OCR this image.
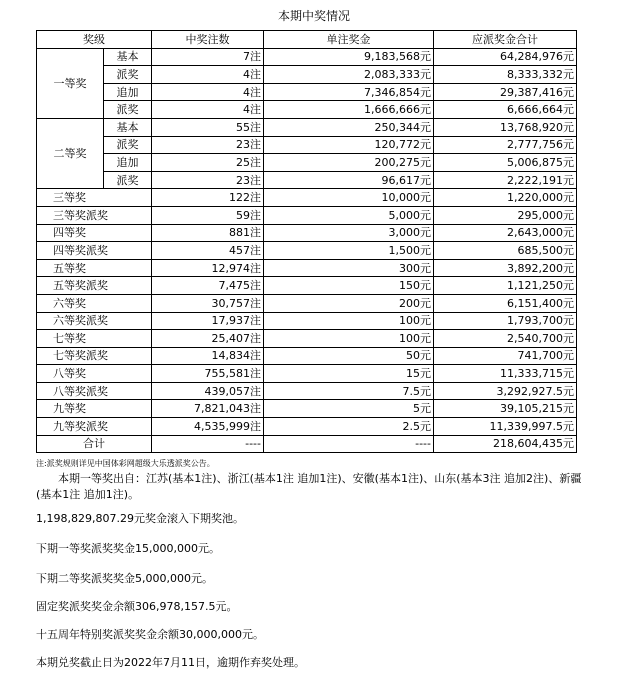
本期中奖情况
奖级		中奖注数	单注奖金	应派奖金合计
一等奖	基本	7注	9,183,568元	64,284,976元
	派奖	4注	2,083,333元	8,333,332元
	追加	4注	7,346,854元	29,387,416元
	派奖	4注	1,666,666元	6,666,664元
二等奖	基本	55注	250,344元	13,768,920元
	派奖	23注	120,772元	2,777,756元
	追加	25注	200,275元	5,006,875元
	派奖	23注	96,617元	2,222,191元
三等奖		122注	10,000元	1,220,000元
三等奖派奖		59注	5,000元	295,000元
四等奖		881注	3,000元	2,643,000元
四等奖派奖		457注	1,500元	685,500元
五等奖		12,974注	300元	3,892,200元
五等奖派奖		7,475注	150元	1,121,250元
六等奖		30,757注	200元	6,151,400元
六等奖派奖		17,937注	100元	1,793,700元
七等奖		25,407注	100元	2,540,700元
七等奖派奖		14,834注	50元	741,700元
八等奖		755,581注	15元	11,333,715元
八等奖派奖		439,057注	7.5元	3,292,927.5元
九等奖		7,821,043注	5元	39,105,215元
九等奖派奖		4,535,999注	2.5元	11,339,997.5元
合计		----	----	218,604,435元
注:派奖规则详见中国体彩网超级大乐透派奖公告。
本期一等奖出自：江苏(基本1注)、浙江(基本1注 追加1注)、安徽(基本1注)、山东(基本3注 追加2注)、新疆(基本1注 追加1注)。
1,198,829,807.29元奖金滚入下期奖池。
下期一等奖派奖奖金15,000,000元。
下期二等奖派奖奖金5,000,000元。
固定奖派奖奖金余额306,978,157.5元。
十五周年特别奖派奖奖金余额30,000,000元。
本期兑奖截止日为2022年7月11日，逾期作弃奖处理。
